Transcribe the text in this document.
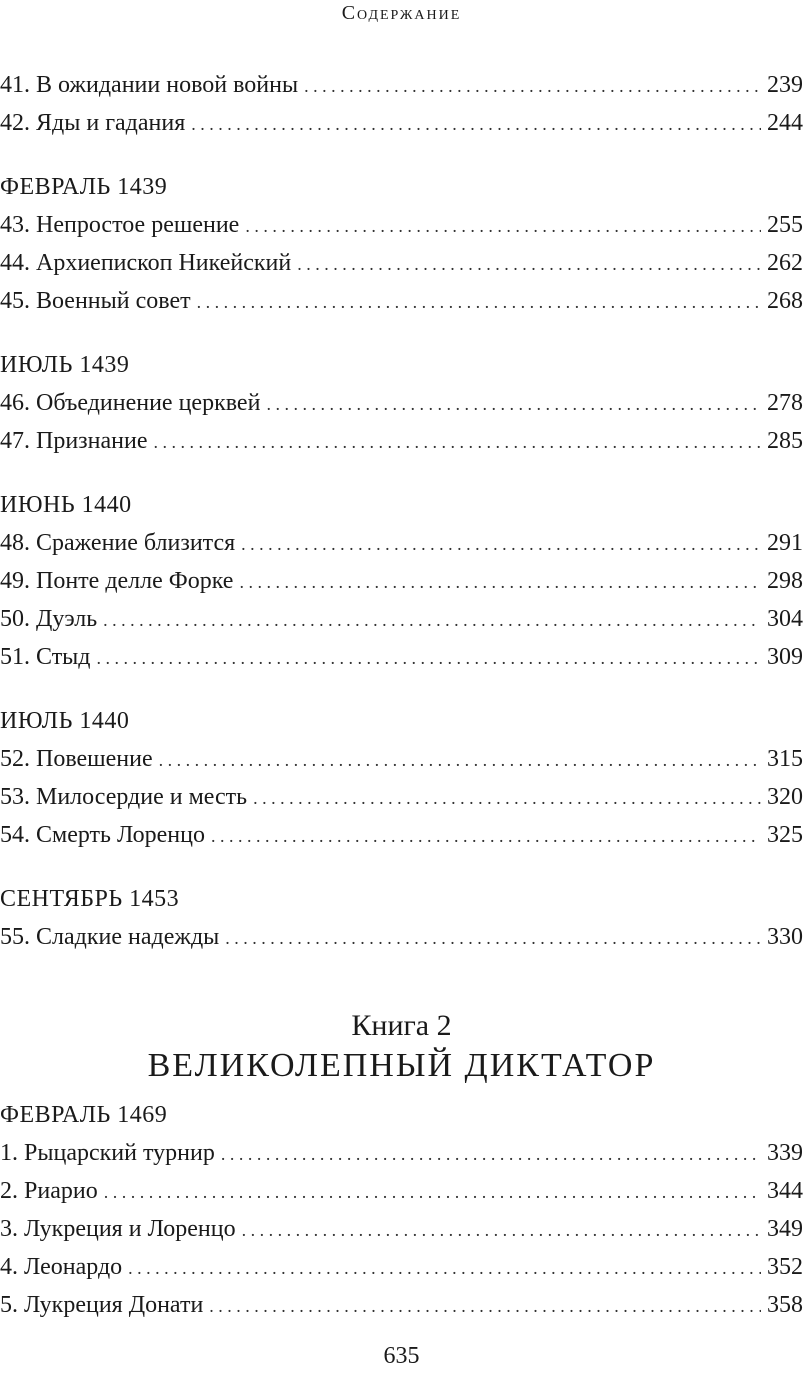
Содержание
41. В ожидании новой войны . . .	239
42. Яды и гадания . . .	244
ФЕВРАЛЬ 1439
43. Непростое решение . . .	255
44. Архиепископ Никейский . . .	262
45. Военный совет . . .	268
ИЮЛЬ 1439
46. Объединение церквей . . .	278
47. Признание . . .	285
ИЮНЬ 1440
48. Сражение близится . . .	291
49. Понте делле Форке . . .	298
50. Дуэль . . .	304
51. Стыд . . .	309
ИЮЛЬ 1440
52. Повешение . . .	315
53. Милосердие и месть . . .	320
54. Смерть Лоренцо . . .	325
СЕНТЯБРЬ 1453
55. Сладкие надежды . . .	330
Книга 2
ВЕЛИКОЛЕПНЫЙ ДИКТАТОР
ФЕВРАЛЬ 1469
1. Рыцарский турнир . . .	339
2. Риарио . . .	344
3. Лукреция и Лоренцо . . .	349
4. Леонардо . . .	352
5. Лукреция Донати . . .	358
635
